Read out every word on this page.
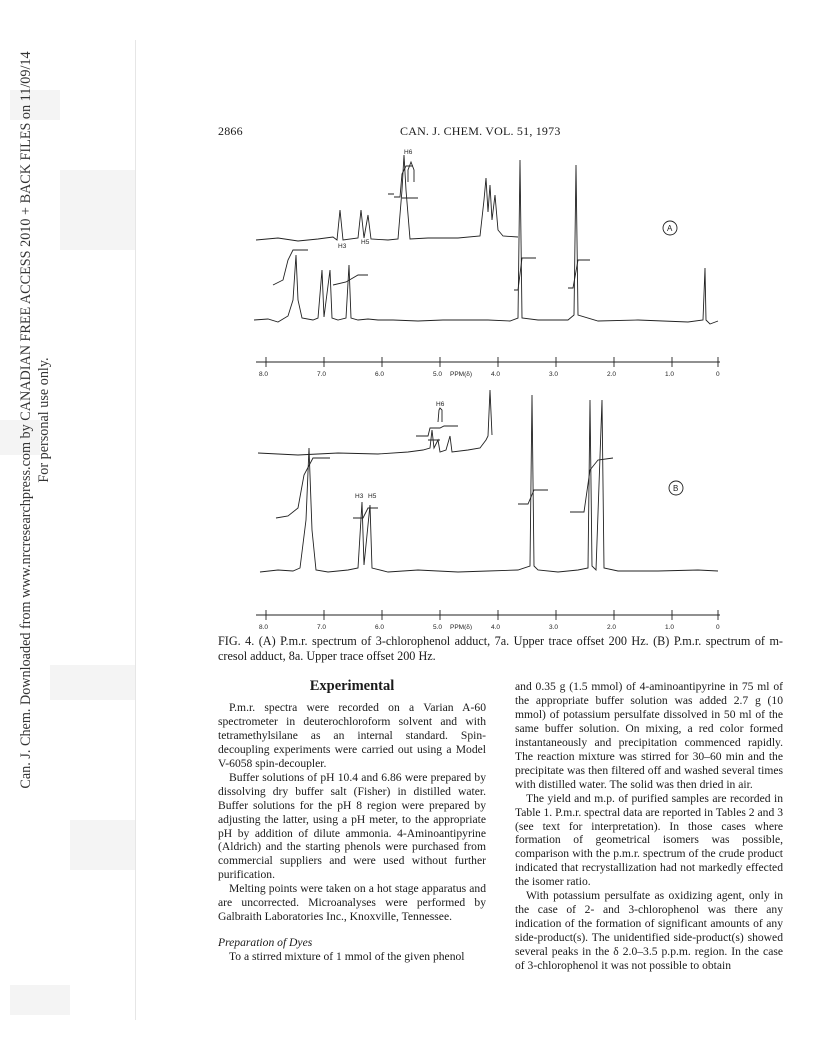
Can. J. Chem. Downloaded from www.nrcresearchpress.com by CANADIAN FREE ACCESS 2010 + BACK FILES on 11/09/14 For personal use only.
2866	CAN. J. CHEM. VOL. 51, 1973
A
H6
H3
H5
8.0	7.0	6.0	5.0 PPM(δ)	4.0	3.0	2.0	1.0	0
B
H6
H3 H5
8.0	7.0	6.0	5.0 PPM(δ)	4.0	3.0	2.0	1.0	0
FIG. 4. (A) P.m.r. spectrum of 3-chlorophenol adduct, 7a. Upper trace offset 200 Hz. (B) P.m.r. spectrum of m-cresol adduct, 8a. Upper trace offset 200 Hz.

Experimental

P.m.r. spectra were recorded on a Varian A-60 spectrometer in deuterochloroform solvent and with tetramethylsilane as an internal standard. Spin-decoupling experiments were carried out using a Model V-6058 spin-decoupler.

Buffer solutions of pH 10.4 and 6.86 were prepared by dissolving dry buffer salt (Fisher) in distilled water. Buffer solutions for the pH 8 region were prepared by adjusting the latter, using a pH meter, to the appropriate pH by addition of dilute ammonia. 4-Aminoantipyrine (Aldrich) and the starting phenols were purchased from commercial suppliers and were used without further purification.

Melting points were taken on a hot stage apparatus and are uncorrected. Microanalyses were performed by Galbraith Laboratories Inc., Knoxville, Tennessee.

Preparation of Dyes

To a stirred mixture of 1 mmol of the given phenol

and 0.35 g (1.5 mmol) of 4-aminoantipyrine in 75 ml of the appropriate buffer solution was added 2.7 g (10 mmol) of potassium persulfate dissolved in 50 ml of the same buffer solution. On mixing, a red color formed instantaneously and precipitation commenced rapidly. The reaction mixture was stirred for 30–60 min and the precipitate was then filtered off and washed several times with distilled water. The solid was then dried in air.

The yield and m.p. of purified samples are recorded in Table 1. P.m.r. spectral data are reported in Tables 2 and 3 (see text for interpretation). In those cases where formation of geometrical isomers was possible, comparison with the p.m.r. spectrum of the crude product indicated that recrystallization had not markedly effected the isomer ratio.

With potassium persulfate as oxidizing agent, only in the case of 2- and 3-chlorophenol was there any indication of the formation of significant amounts of any side-product(s). The unidentified side-product(s) showed several peaks in the δ 2.0–3.5 p.p.m. region. In the case of 3-chlorophenol it was not possible to obtain
